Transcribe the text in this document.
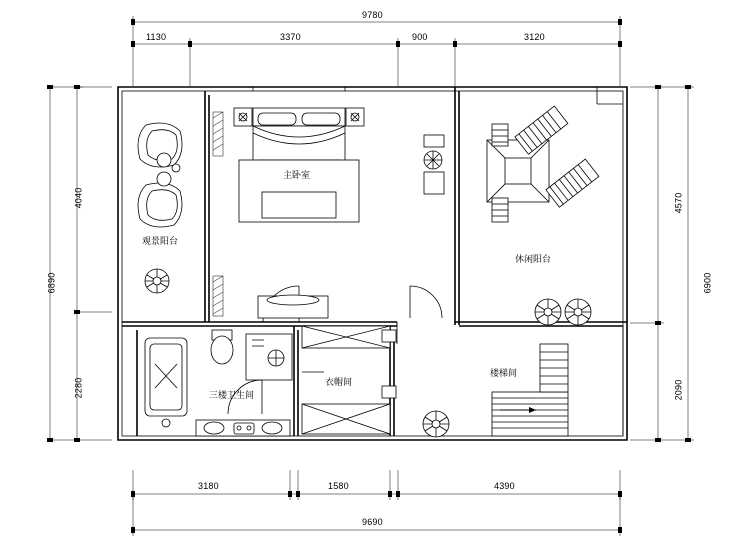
1130	3370	900	3120
9780
3180	1580	4390
9690
4040
2280
6890
4570
2090
6900
主卧室
观景阳台
休闲阳台
三楼卫生间
衣帽间
楼梯间
